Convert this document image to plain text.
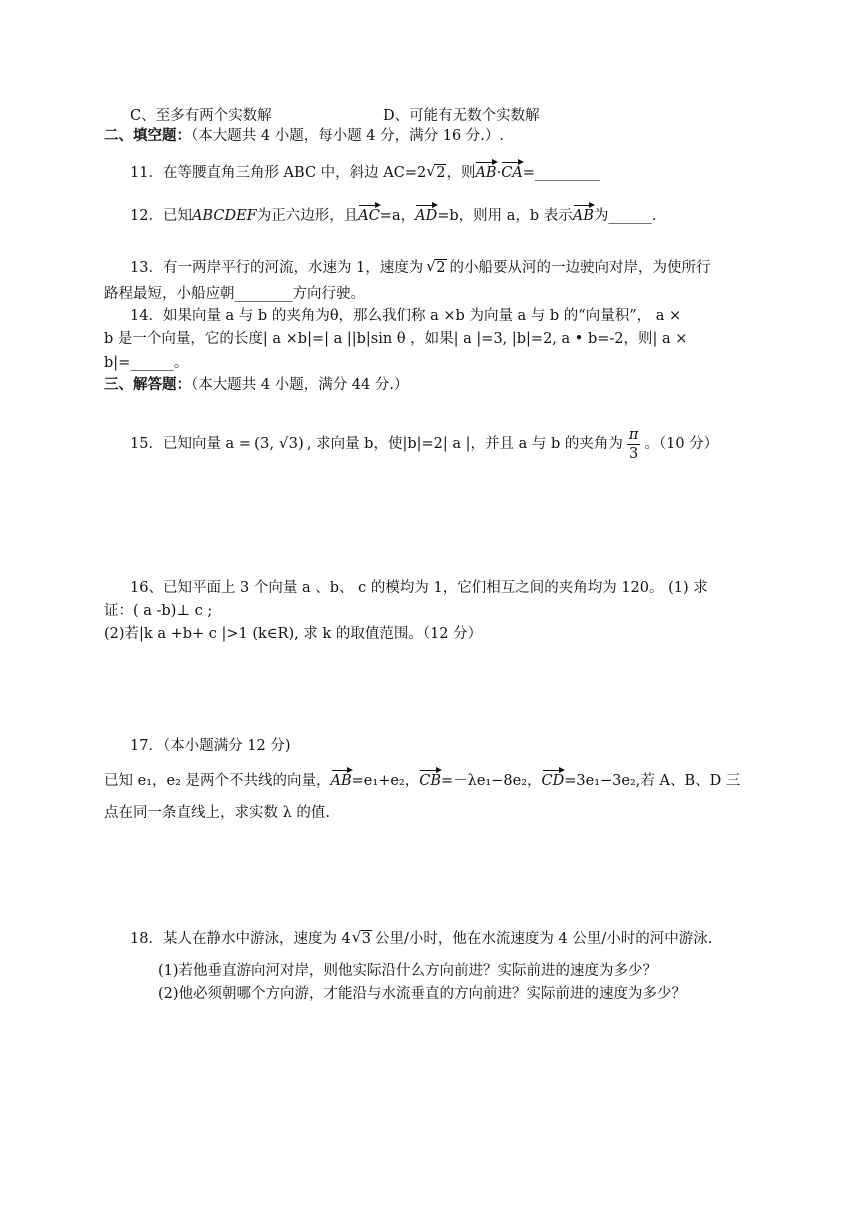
C、至多有两个实数解	D、可能有无数个实数解
二、填空题：（本大题共 4 小题，每小题 4 分，满分 16 分.）.
11．在等腰直角三角形 ABC 中，斜边 AC=2 √ 2，则AB·CA=_________
12．已知ABCDEF为正六边形，且AC=a，AD=b，则用 a，b 表示AB为______.
13．有一两岸平行的河流，水速为 1，速度为 √ 2 的小船要从河的一边驶向对岸，为使所行
路程最短，小船应朝________方向行驶。
14．如果向量 a 与 b 的夹角为θ，那么我们称 a ×b 为向量 a 与 b 的“向量积”， a ×
b 是一个向量，它的长度| a ×b|=| a ||b|sin θ ，如果| a |=3, |b|=2, a • b=-2，则| a ×
b|=______。
三、解答题：（本大题共 4 小题，满分 44 分.）
15．已知向量 a = (3, √3) , 求向量 b，使|b|=2| a |，并且 a 与 b 的夹角为 $\frac{\pi}{3}$ 。（10 分）
16、已知平面上 3 个向量 a 、b、 c 的模均为 1，它们相互之间的夹角均为 120。 (1) 求
证：( a -b)⊥ c ;
(2)若|k a +b+ c |>1 (k∈R), 求 k 的取值范围。（12 分）
17．（本小题满分 12 分)
已知 e₁，e₂ 是两个不共线的向量，AB=e₁+e₂，CB=－λe₁−8e₂，CD=3e₁−3e₂,若 A、B、D 三
点在同一条直线上，求实数 λ 的值.
18．某人在静水中游泳，速度为 4 √ 3 公里/小时，他在水流速度为 4 公里/小时的河中游泳.
(1)若他垂直游向河对岸，则他实际沿什么方向前进？实际前进的速度为多少？
(2)他必须朝哪个方向游，才能沿与水流垂直的方向前进？实际前进的速度为多少？
